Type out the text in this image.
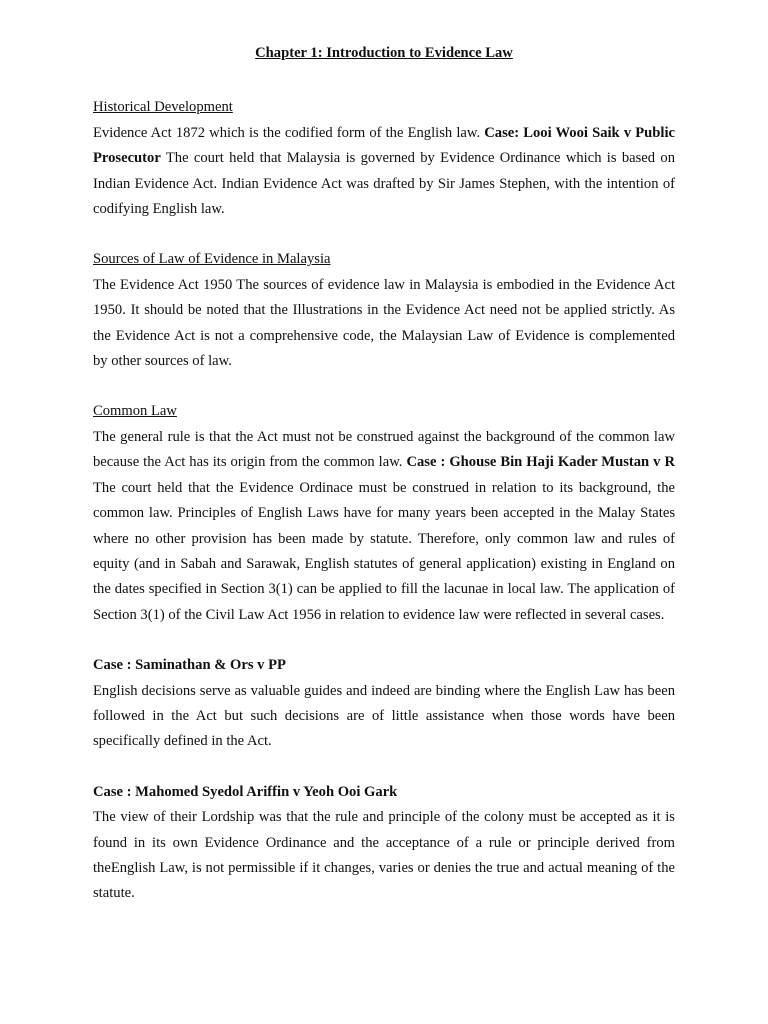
Chapter 1: Introduction to Evidence Law

Historical Development

Evidence Act 1872 which is the codified form of the English law. Case: Looi Wooi Saik v Public Prosecutor The court held that Malaysia is governed by Evidence Ordinance which is based on Indian Evidence Act. Indian Evidence Act was drafted by Sir James Stephen, with the intention of codifying English law.

Sources of Law of Evidence in Malaysia

The Evidence Act 1950 The sources of evidence law in Malaysia is embodied in the Evidence Act 1950. It should be noted that the Illustrations in the Evidence Act need not be applied strictly. As the Evidence Act is not a comprehensive code, the Malaysian Law of Evidence is complemented by other sources of law.

Common Law

The general rule is that the Act must not be construed against the background of the common law because the Act has its origin from the common law. Case : Ghouse Bin Haji Kader Mustan v R The court held that the Evidence Ordinace must be construed in relation to its background, the common law. Principles of English Laws have for many years been accepted in the Malay States where no other provision has been made by statute. Therefore, only common law and rules of equity (and in Sabah and Sarawak, English statutes of general application) existing in England on the dates specified in Section 3(1) can be applied to fill the lacunae in local law. The application of Section 3(1) of the Civil Law Act 1956 in relation to evidence law were reflected in several cases.

Case : Saminathan & Ors v PP

English decisions serve as valuable guides and indeed are binding where the English Law has been followed in the Act but such decisions are of little assistance when those words have been specifically defined in the Act.

Case : Mahomed Syedol Ariffin v Yeoh Ooi Gark

The view of their Lordship was that the rule and principle of the colony must be accepted as it is found in its own Evidence Ordinance and the acceptance of a rule or principle derived from theEnglish Law, is not permissible if it changes, varies or denies the true and actual meaning of the statute.
